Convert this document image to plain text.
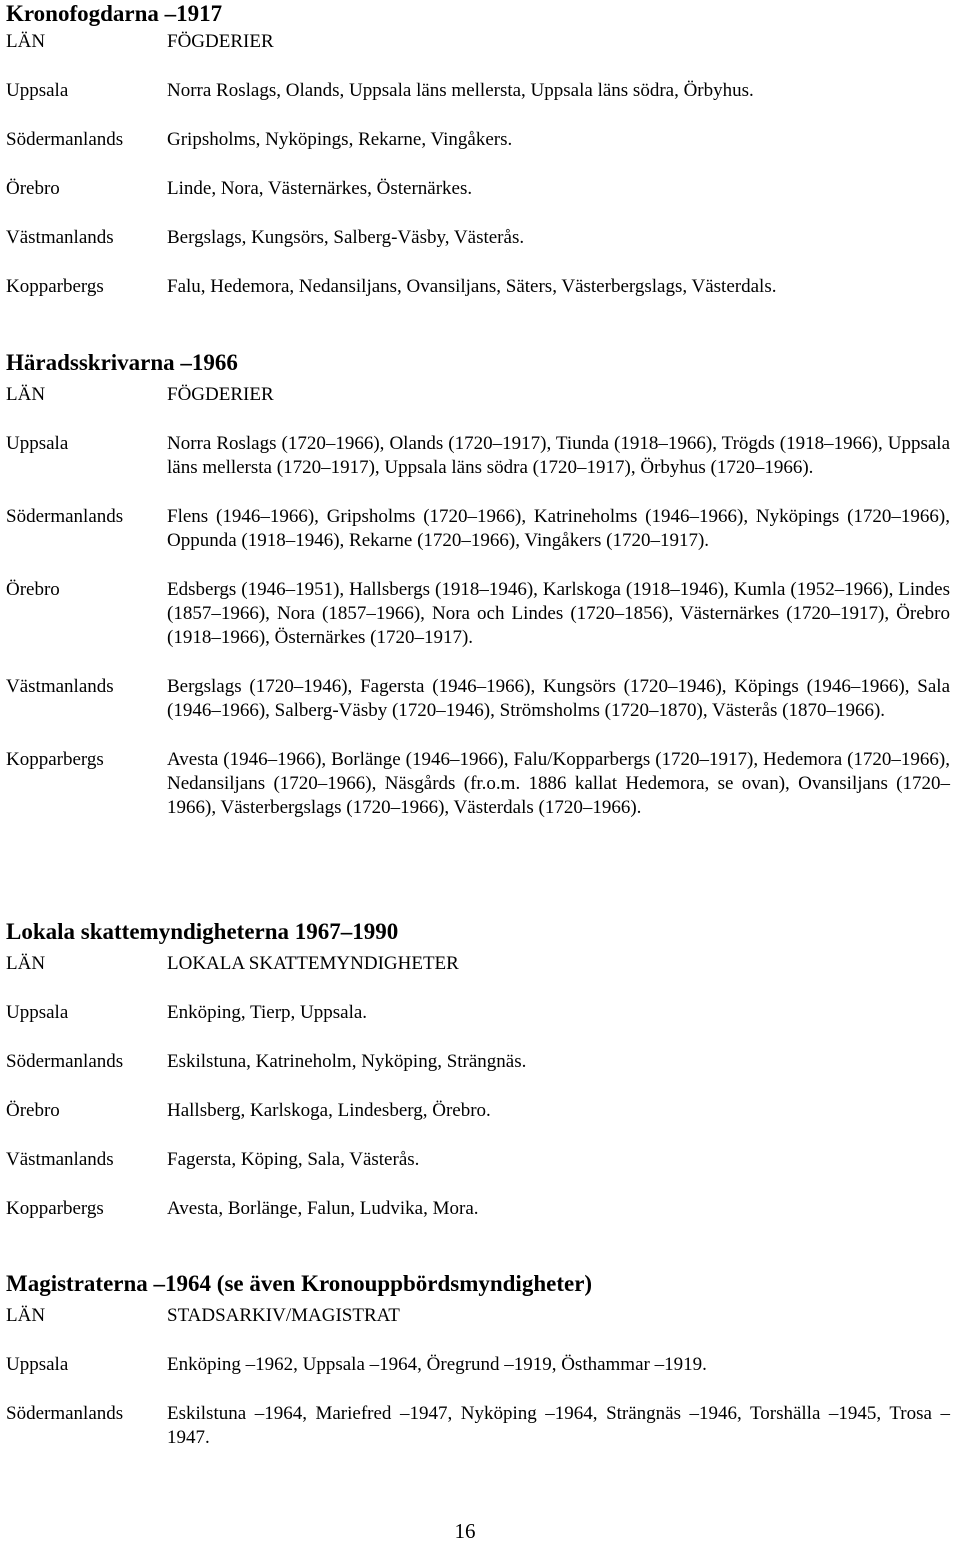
Kronofogdarna –1917
LÄN	FÖGDERIER
Uppsala	Norra Roslags, Olands, Uppsala läns mellersta, Uppsala läns södra, Örbyhus.
Södermanlands	Gripsholms, Nyköpings, Rekarne, Vingåkers.
Örebro	Linde, Nora, Västernärkes, Östernärkes.
Västmanlands	Bergslags, Kungsörs, Salberg-Väsby, Västerås.
Kopparbergs	Falu, Hedemora, Nedansiljans, Ovansiljans, Säters, Västerbergslags, Västerdals.
Häradsskrivarna –1966
LÄN	FÖGDERIER
Uppsala	Norra Roslags (1720–1966), Olands (1720–1917), Tiunda (1918–1966), Trögds (1918–1966), Uppsala läns mellersta (1720–1917), Uppsala läns södra (1720–1917), Örbyhus (1720–1966).
Södermanlands	Flens (1946–1966), Gripsholms (1720–1966), Katrineholms (1946–1966), Nyköpings (1720–1966), Oppunda (1918–1946), Rekarne (1720–1966), Vingåkers (1720–1917).
Örebro	Edsbergs (1946–1951), Hallsbergs (1918–1946), Karlskoga (1918–1946), Kumla (1952–1966), Lindes (1857–1966), Nora (1857–1966), Nora och Lindes (1720–1856), Västernärkes (1720–1917), Örebro (1918–1966), Östernärkes (1720–1917).
Västmanlands	Bergslags (1720–1946), Fagersta (1946–1966), Kungsörs (1720–1946), Köpings (1946–1966), Sala (1946–1966), Salberg-Väsby (1720–1946), Strömsholms (1720–1870), Västerås (1870–1966).
Kopparbergs	Avesta (1946–1966), Borlänge (1946–1966), Falu/Kopparbergs (1720–1917), Hedemora (1720–1966), Nedansiljans (1720–1966), Näsgårds (fr.o.m. 1886 kallat Hedemora, se ovan), Ovansiljans (1720–1966), Västerbergslags (1720–1966), Västerdals (1720–1966).
Lokala skattemyndigheterna 1967–1990
LÄN	LOKALA SKATTEMYNDIGHETER
Uppsala	Enköping, Tierp, Uppsala.
Södermanlands	Eskilstuna, Katrineholm, Nyköping, Strängnäs.
Örebro	Hallsberg, Karlskoga, Lindesberg, Örebro.
Västmanlands	Fagersta, Köping, Sala, Västerås.
Kopparbergs	Avesta, Borlänge, Falun, Ludvika, Mora.
Magistraterna –1964 (se även Kronouppbördsmyndigheter)
LÄN	STADSARKIV/MAGISTRAT
Uppsala	Enköping –1962, Uppsala –1964, Öregrund –1919, Östhammar –1919.
Södermanlands	Eskilstuna –1964, Mariefred –1947, Nyköping –1964, Strängnäs –1946, Torshälla –1945, Trosa –1947.
16
